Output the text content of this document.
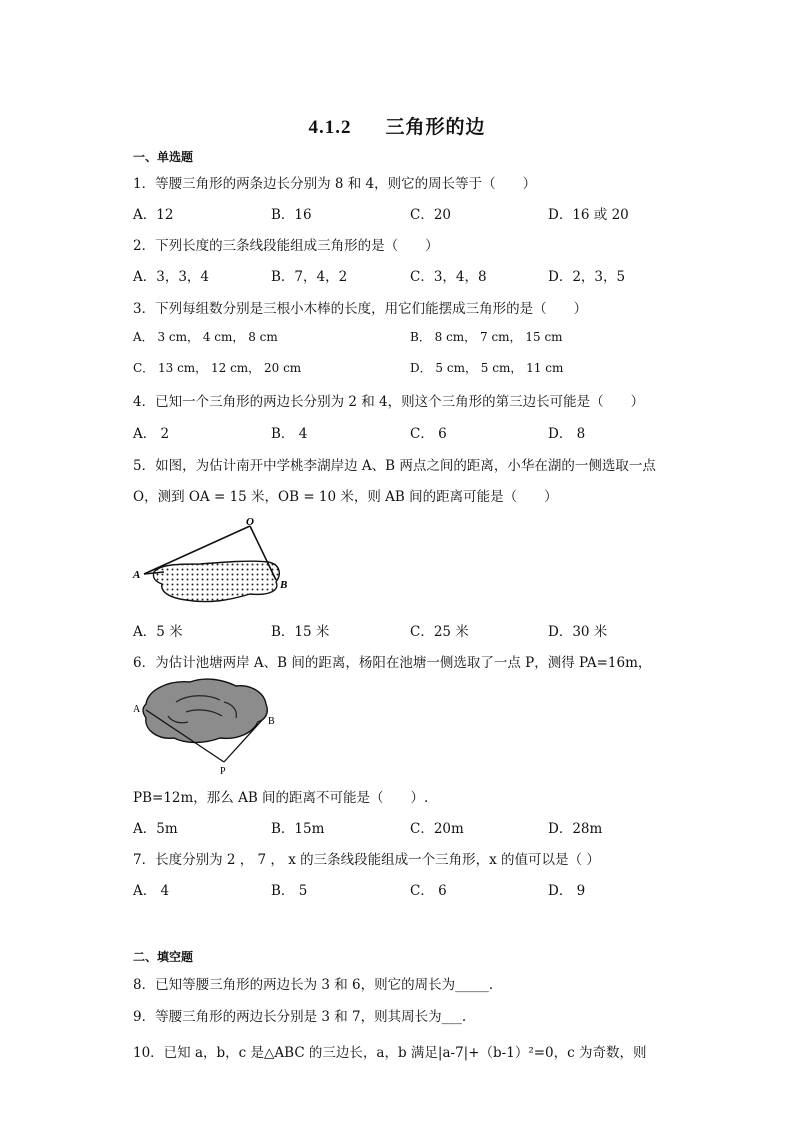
4.1.2 三角形的边
一、单选题
1．等腰三角形的两条边长分别为 8 和 4，则它的周长等于（　　）
A．12	B．16	C．20	D．16 或 20
2．下列长度的三条线段能组成三角形的是（　　）
A．3，3，4	B．7，4，2	C．3，4，8	D．2，3，5
3．下列每组数分别是三根小木棒的长度，用它们能摆成三角形的是（　　）
A． 3 cm， 4 cm， 8 cm	B． 8 cm， 7 cm， 15 cm
C． 13 cm， 12 cm， 20 cm	D． 5 cm， 5 cm， 11 cm
4．已知一个三角形的两边长分别为 2 和 4，则这个三角形的第三边长可能是（　　）
A． 2	B． 4	C． 6	D． 8
5．如图，为估计南开中学桃李湖岸边 A、B 两点之间的距离，小华在湖的一侧选取一点
O，测到 OA = 15 米，OB = 10 米，则 AB 间的距离可能是（　　）
O
A
B
A．5 米	B．15 米	C．25 米	D．30 米
6．为估计池塘两岸 A、B 间的距离，杨阳在池塘一侧选取了一点 P，测得 PA=16m，
A
B
P
PB=12m，那么 AB 间的距离不可能是（　　）.
A．5m	B．15m	C．20m	D．28m
7．长度分别为 2 ， 7 ， x 的三条线段能组成一个三角形，x 的值可以是（ ）
A． 4	B． 5	C． 6	D． 9
二、填空题
8．已知等腰三角形的两边长为 3 和 6，则它的周长为_____．
9．等腰三角形的两边长分别是 3 和 7，则其周长为___.
10．已知 a，b，c 是△ABC 的三边长，a，b 满足|a-7|+（b-1）²=0，c 为奇数，则
